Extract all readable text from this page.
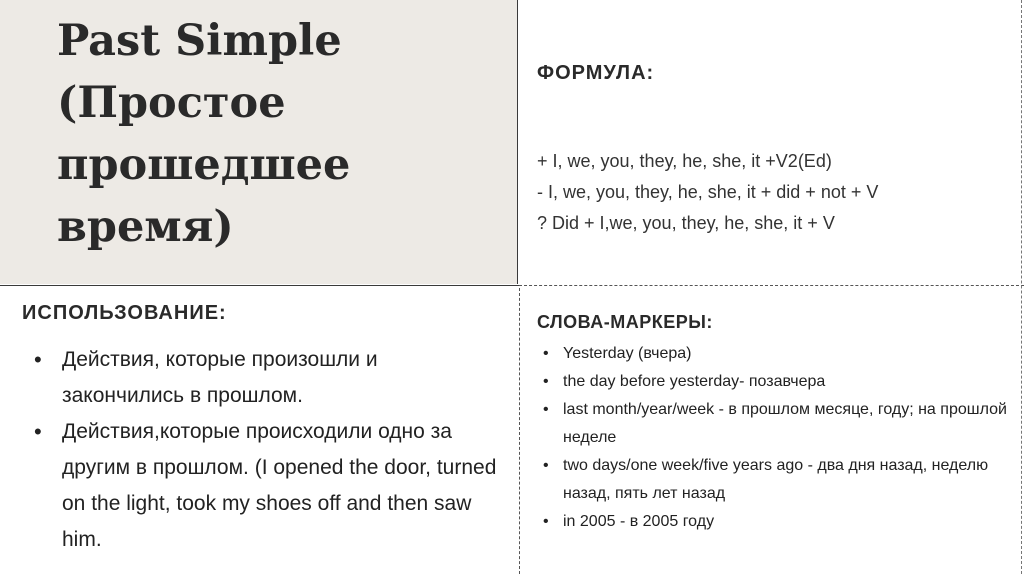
Past Simple
(Простое
прошедшее
время)
ФОРМУЛА:
+ I, we, you, they, he, she, it +V2(Ed)
- I, we, you, they, he, she, it + did + not + V
? Did + I,we, you, they, he, she, it + V
ИСПОЛЬЗОВАНИЕ:
• Действия, которые произошли и закончились в прошлом.
• Действия,которые происходили одно за другим в прошлом. (I opened the door, turned on the light, took my shoes off and then saw him.
СЛОВА-МАРКЕРЫ:
• Yesterday (вчера)
• the day before yesterday- позавчера
• last month/year/week - в прошлом месяце, году; на прошлой неделе
• two days/one week/five years ago - два дня назад, неделю назад, пять лет назад
• in 2005 - в 2005 году
